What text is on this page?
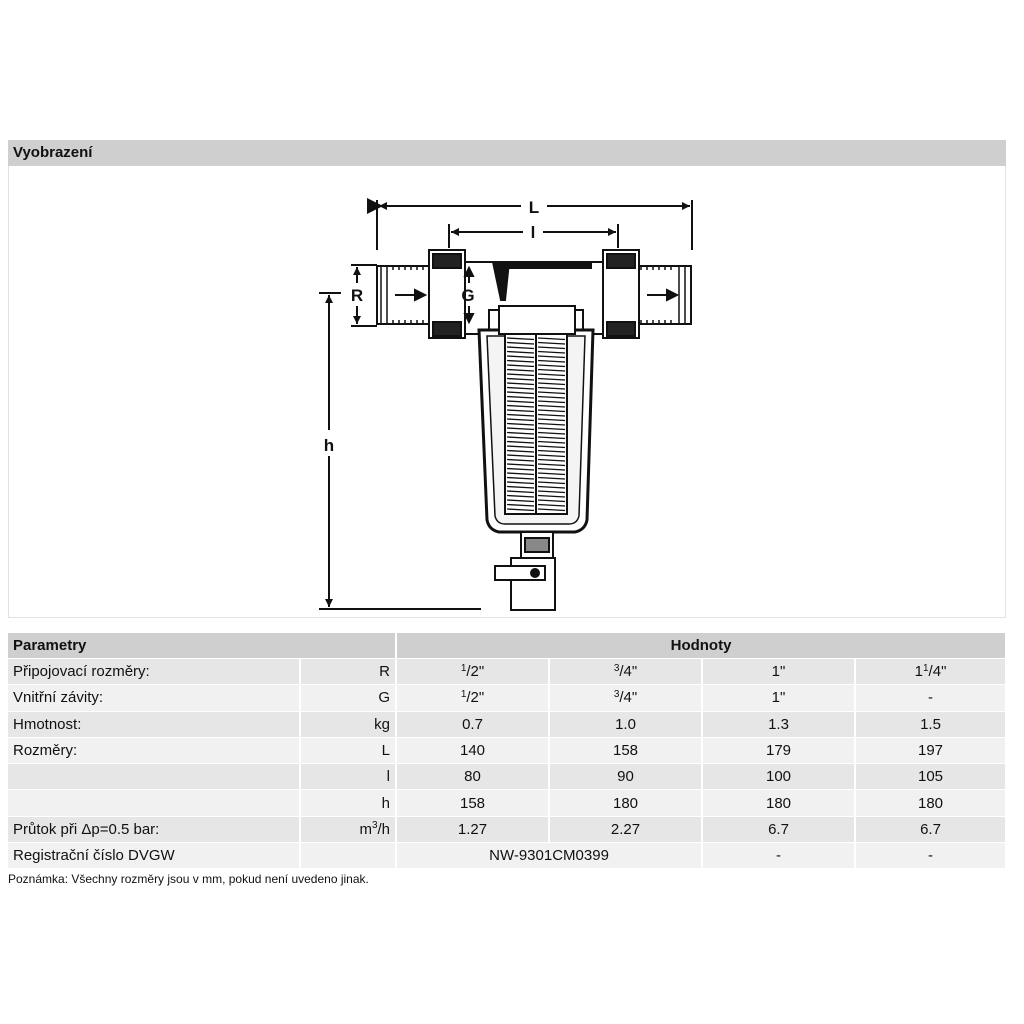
Vyobrazení
L
l
R
h
G
Parametry		Hodnoty			
Připojovací rozměry:	R	$^1$/2"	$^3$/4"	1"	$1^1/4$"
Vnitřní závity:	G	$^1$/2"	$^3$/4"	1"	-
Hmotnost:	kg	0.7	1.0	1.3	1.5
Rozměry:	L	140	158	179	197
	l	80	90	100	105
	h	158	180	180	180
Průtok při Δp=0.5 bar:	$m^3/h$	1.27	2.27	6.7	6.7
Registrační číslo DVGW		NW-9301CM0399		-	-
Poznámka: Všechny rozměry jsou v mm, pokud není uvedeno jinak.
